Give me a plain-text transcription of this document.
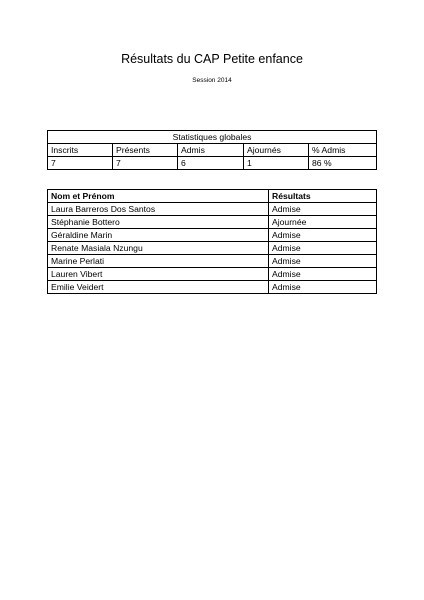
Résultats du CAP Petite enfance
Session 2014
Statistiques globales				
Inscrits	Présents	Admis	Ajournés	% Admis
7	7	6	1	86 %
Nom et Prénom	Résultats
Laura Barreros Dos Santos	Admise
Stéphanie Bottero	Ajournée
Géraldine Marin	Admise
Renate Masiala Nzungu	Admise
Marine Perlati	Admise
Lauren Vibert	Admise
Emilie Veidert	Admise
